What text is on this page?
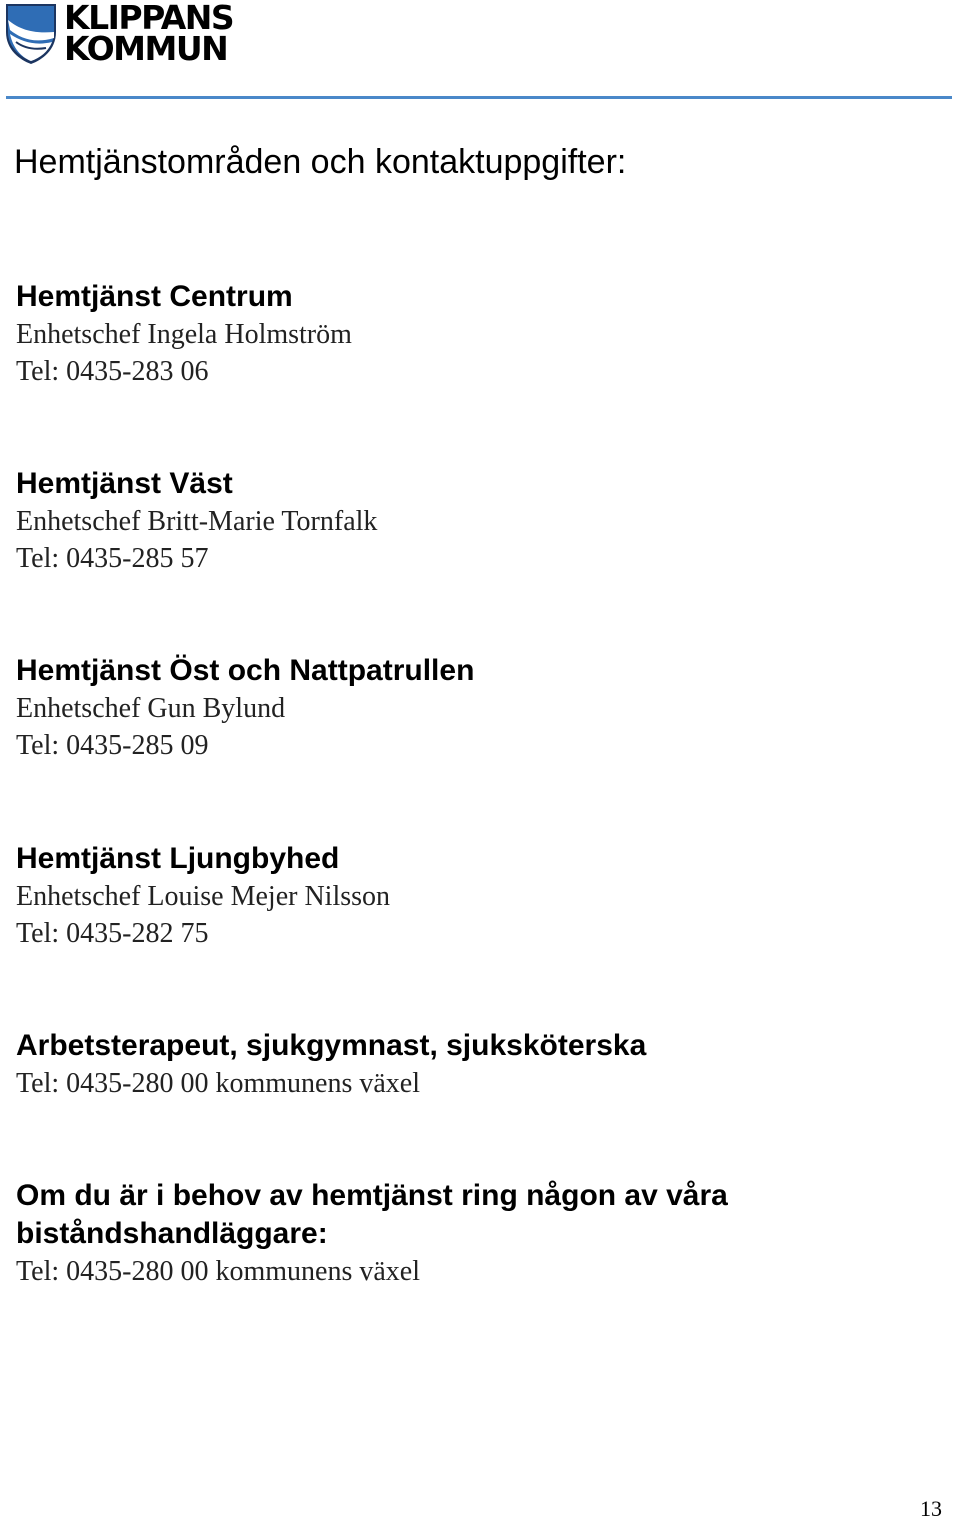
KLIPPANS
KOMMUN
Hemtjänstområden och kontaktuppgifter:
Hemtjänst Centrum
Enhetschef Ingela Holmström
Tel: 0435-283 06
Hemtjänst Väst
Enhetschef Britt-Marie Tornfalk
Tel: 0435-285 57
Hemtjänst Öst och Nattpatrullen
Enhetschef Gun Bylund
Tel: 0435-285 09
Hemtjänst Ljungbyhed
Enhetschef Louise Mejer Nilsson
Tel: 0435-282 75
Arbetsterapeut, sjukgymnast, sjuksköterska
Tel: 0435-280 00 kommunens växel
Om du är i behov av hemtjänst ring någon av våra biståndshandläggare:
Tel: 0435-280 00 kommunens växel
13
